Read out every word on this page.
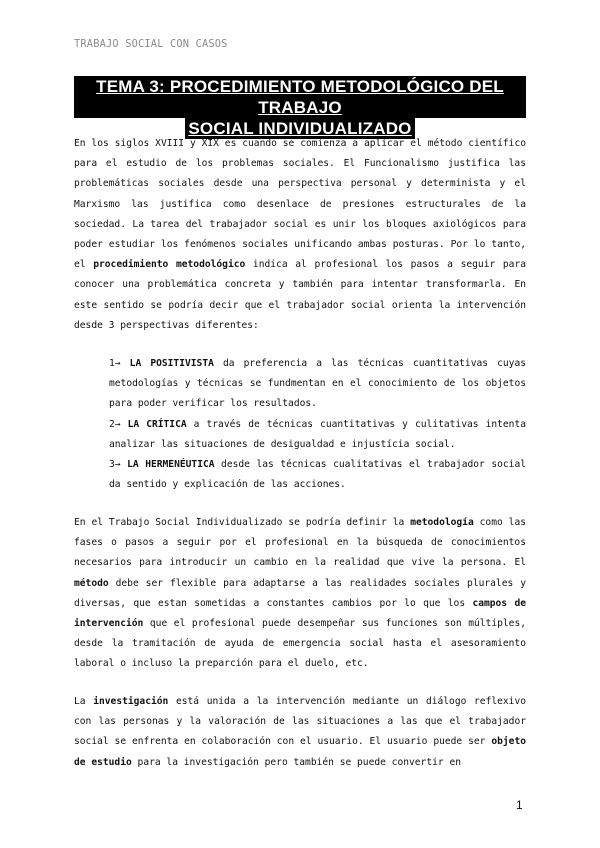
TRABAJO SOCIAL CON CASOS
TEMA 3: PROCEDIMIENTO METODOLÓGICO DEL TRABAJO
SOCIAL INDIVIDUALIZADO

En los siglos XVIII y XIX es cuando se comienza a aplicar el método científico para el estudio de los problemas sociales. El Funcionalismo justifica las problemáticas sociales desde una perspectiva personal y determinista y el Marxismo las justifica como desenlace de presiones estructurales de la sociedad. La tarea del trabajador social es unir los bloques axiológicos para poder estudiar los fenómenos sociales unificando ambas posturas. Por lo tanto, el procedimiento metodológico indica al profesional los pasos a seguir para conocer una problemática concreta y también para intentar transformarla. En este sentido se podría decir que el trabajador social orienta la intervención desde 3 perspectivas diferentes:

1→ LA POSITIVISTA da preferencia a las técnicas cuantitativas cuyas metodologías y técnicas se fundmentan en el conocimiento de los objetos para poder verificar los resultados.

2→ LA CRÍTICA a través de técnicas cuantitativas y culitativas intenta analizar las situaciones de desigualdad e injustícia social.

3→ LA HERMENÉUTICA desde las técnicas cualitativas el trabajador social da sentido y explicación de las acciones.

En el Trabajo Social Individualizado se podría definir la metodología como las fases o pasos a seguir por el profesional en la búsqueda de conocimientos necesarios para introducir un cambio en la realidad que vive la persona. El método debe ser flexible para adaptarse a las realidades sociales plurales y diversas, que estan sometidas a constantes cambios por lo que los campos de intervención que el profesional puede desempeñar sus funciones son múltiples, desde la tramitación de ayuda de emergencia social hasta el asesoramiento laboral o incluso la preparción para el duelo, etc.

La investigación está unida a la intervención mediante un diálogo reflexivo con las personas y la valoración de las situaciones a las que el trabajador social se enfrenta en colaboración con el usuario. El usuario puede ser objeto de estudio para la investigación pero también se puede convertir en

1
